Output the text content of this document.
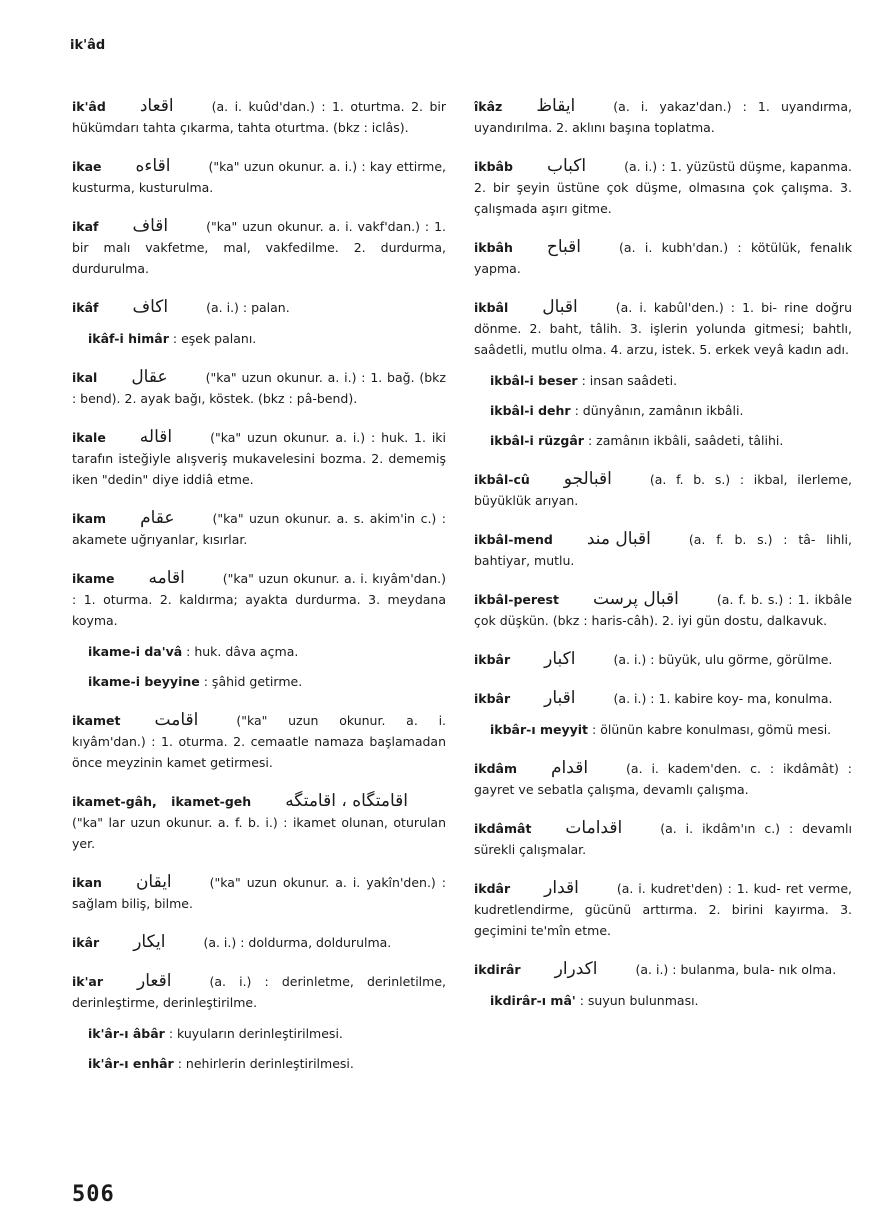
ik'âd
ik'âd اقعاد	(a. i. kuûd'dan.) : 1. oturtma. 2. bir hükümdarı tahta çıkarma, tahta oturtma. (bkz : iclâs).
ikae اقاءه	("ka" uzun okunur. a. i.) : kay ettirme, kusturma, kusturulma.
ikaf اقاف	("ka" uzun okunur. a. i. vakf'dan.) : 1. bir malı vakfetme, mal, vakfedilme. 2. durdurma, durdurulma.
ikâf اكاف	(a. i.) : palan.
ikâf-i himâr : eşek palanı.
ikal عقال	("ka" uzun okunur. a. i.) : 1. bağ. (bkz : bend). 2. ayak bağı, köstek. (bkz : pâ-bend).
ikale اقاله	("ka" uzun okunur. a. i.) : huk. 1. iki tarafın isteğiyle alışveriş mukavelesini bozma. 2. dememiş iken "dedin" diye iddiâ etme.
ikam عقام	("ka" uzun okunur. a. s. akim'in c.) : akamete uğrıyanlar, kısırlar.
ikame اقامه	("ka" uzun okunur. a. i. kıyâm'dan.) : 1. oturma. 2. kaldırma; ayakta durdurma. 3. meydana koyma.
ikame-i da'vâ : huk. dâva açma.
ikame-i beyyine : şâhid getirme.
ikamet اقامت	("ka" uzun okunur. a. i. kıyâm'dan.) : 1. oturma. 2. cemaatle namaza başlamadan önce meyzinin kamet getirmesi.
ikamet-gâh, ikamet-geh اقامتگاه ، اقامتگه ("ka" lar uzun okunur. a. f. b. i.) : ikamet olunan, oturulan yer.
ikan ايقان	("ka" uzun okunur. a. i. yakîn'den.) : sağlam biliş, bilme.
ikâr ايكار	(a. i.) : doldurma, doldurulma.
ik'ar اقعار	(a. i.) : derinletme, derinletilme, derinleştirme, derinleştirilme.
ik'âr-ı âbâr : kuyuların derinleştirilmesi.
ik'âr-ı enhâr : nehirlerin derinleştirilmesi.
îkâz ايقاظ	(a. i. yakaz'dan.) : 1. uyandırma, uyandırılma. 2. aklını başına toplatma.
ikbâb اكباب	(a. i.) : 1. yüzüstü düşme, kapanma. 2. bir şeyin üstüne çok düşme, olmasına çok çalışma. 3. çalışmada aşırı gitme.
ikbâh اقباح	(a. i. kubh'dan.) : kötülük, fenalık yapma.
ikbâl اقبال	(a. i. kabûl'den.) : 1. bi- rine doğru dönme. 2. baht, tâlih. 3. işlerin yolunda gitmesi; bahtlı, saâdetli, mutlu olma. 4. arzu, istek. 5. erkek veyâ kadın adı.
ikbâl-i beser : insan saâdeti.
ikbâl-i dehr : dünyânın, zamânın ikbâli.
ikbâl-i rüzgâr : zamânın ikbâli, saâdeti, tâlihi.
ikbâl-cû اقبالجو	(a. f. b. s.) : ikbal, ilerleme, büyüklük arıyan.
ikbâl-mend اقبال مند	(a. f. b. s.) : tâ- lihli, bahtiyar, mutlu.
ikbâl-perest اقبال پرست	(a. f. b. s.) : 1. ikbâle çok düşkün. (bkz : haris-câh). 2. iyi gün dostu, dalkavuk.
ikbâr اكبار	(a. i.) : büyük, ulu görme, görülme.
ikbâr اقبار	(a. i.) : 1. kabire koy- ma, konulma.
ikbâr-ı meyyit : ölünün kabre konulması, gömü mesi.
ikdâm اقدام	(a. i. kadem'den. c. : ikdâmât) : gayret ve sebatla çalışma, devamlı çalışma.
ikdâmât اقدامات	(a. i. ikdâm'ın c.) : devamlı sürekli çalışmalar.
ikdâr اقدار	(a. i. kudret'den) : 1. kud- ret verme, kudretlendirme, gücünü arttırma. 2. birini kayırma. 3. geçimini te'mîn etme.
ikdirâr اكدرار	(a. i.) : bulanma, bula- nık olma.
ikdirâr-ı mâ' : suyun bulunması.
506
